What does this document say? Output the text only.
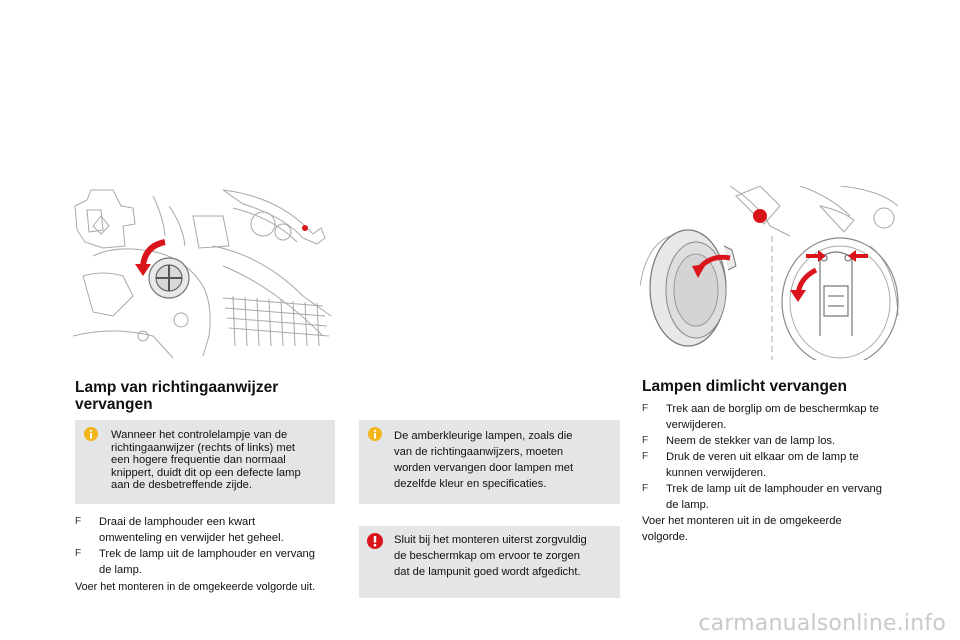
Lamp van richtingaanwijzer
vervangen
Wanneer het controlelampje van de
richtingaanwijzer (rechts of links) met
een hogere frequentie dan normaal
knippert, duidt dit op een defecte lamp
aan de desbetreffende zijde.
F Draai de lamphouder een kwart
omwenteling en verwijder het geheel.
F Trek de lamp uit de lamphouder en vervang
de lamp.
Voer het monteren in de omgekeerde volgorde uit.
De amberkleurige lampen, zoals die
van de richtingaanwijzers, moeten
worden vervangen door lampen met
dezelfde kleur en specificaties.
Sluit bij het monteren uiterst zorgvuldig
de beschermkap om ervoor te zorgen
dat de lampunit goed wordt afgedicht.
Lampen dimlicht vervangen
F Trek aan de borglip om de beschermkap te
verwijderen.
F Neem de stekker van de lamp los.
F Druk de veren uit elkaar om de lamp te
kunnen verwijderen.
F Trek de lamp uit de lamphouder en vervang
de lamp.
Voer het monteren uit in de omgekeerde
volgorde.
carmanualsonline.info
